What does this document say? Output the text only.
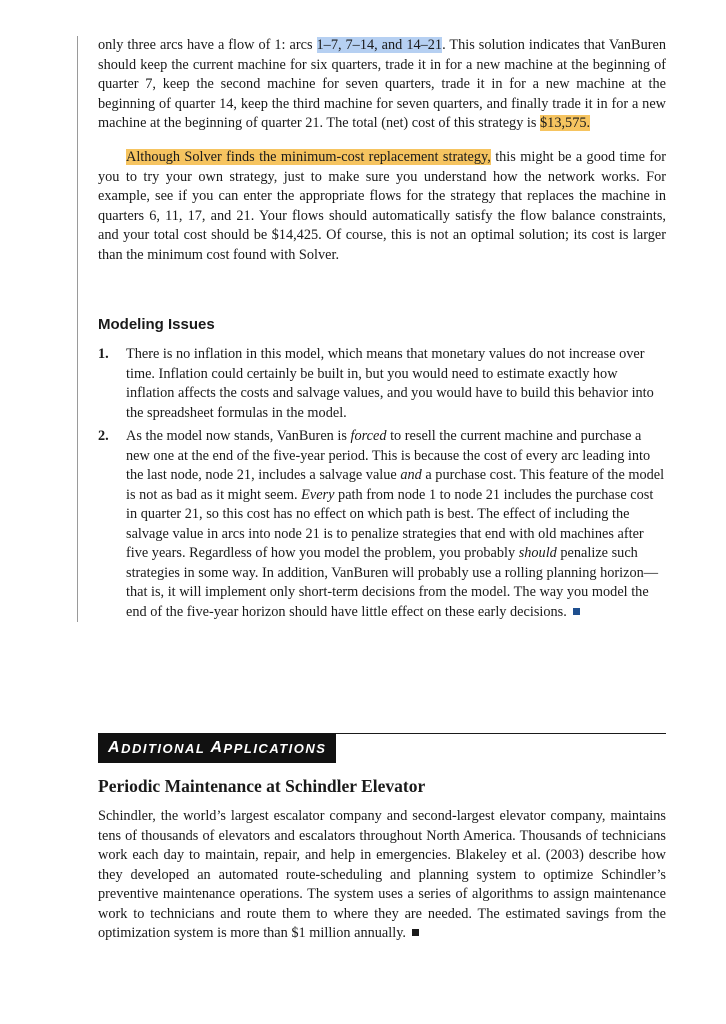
only three arcs have a flow of 1: arcs 1–7, 7–14, and 14–21. This solution indicates that VanBuren should keep the current machine for six quarters, trade it in for a new machine at the beginning of quarter 7, keep the second machine for seven quarters, trade it in for a new machine at the beginning of quarter 14, keep the third machine for seven quarters, and finally trade it in for a new machine at the beginning of quarter 21. The total (net) cost of this strategy is $13,575.

Although Solver finds the minimum-cost replacement strategy, this might be a good time for you to try your own strategy, just to make sure you understand how the network works. For example, see if you can enter the appropriate flows for the strategy that replaces the machine in quarters 6, 11, 17, and 21. Your flows should automatically satisfy the flow balance constraints, and your total cost should be $14,425. Of course, this is not an optimal solution; its cost is larger than the minimum cost found with Solver.

Modeling Issues
1. There is no inflation in this model, which means that monetary values do not increase over time. Inflation could certainly be built in, but you would need to estimate exactly how inflation affects the costs and salvage values, and you would have to build this behavior into the spreadsheet formulas in the model.
2. As the model now stands, VanBuren is forced to resell the current machine and purchase a new one at the end of the five-year period. This is because the cost of every arc leading into the last node, node 21, includes a salvage value and a purchase cost. This feature of the model is not as bad as it might seem. Every path from node 1 to node 21 includes the purchase cost in quarter 21, so this cost has no effect on which path is best. The effect of including the salvage value in arcs into node 21 is to penalize strategies that end with old machines after five years. Regardless of how you model the problem, you probably should penalize such strategies in some way. In addition, VanBuren will probably use a rolling planning horizon—that is, it will implement only short-term decisions from the model. The way you model the end of the five-year horizon should have little effect on these early decisions.
A DDITIONAL
A PPLICATIONS
Periodic Maintenance at Schindler Elevator

Schindler, the world’s largest escalator company and second-largest elevator company, maintains tens of thousands of elevators and escalators throughout North America. Thousands of technicians work each day to maintain, repair, and help in emergencies. Blakeley et al. (2003) describe how they developed an automated route-scheduling and planning system to optimize Schindler’s preventive maintenance operations. The system uses a series of algorithms to assign maintenance work to technicians and route them to where they are needed. The estimated savings from the optimization system is more than $1 million annually.
